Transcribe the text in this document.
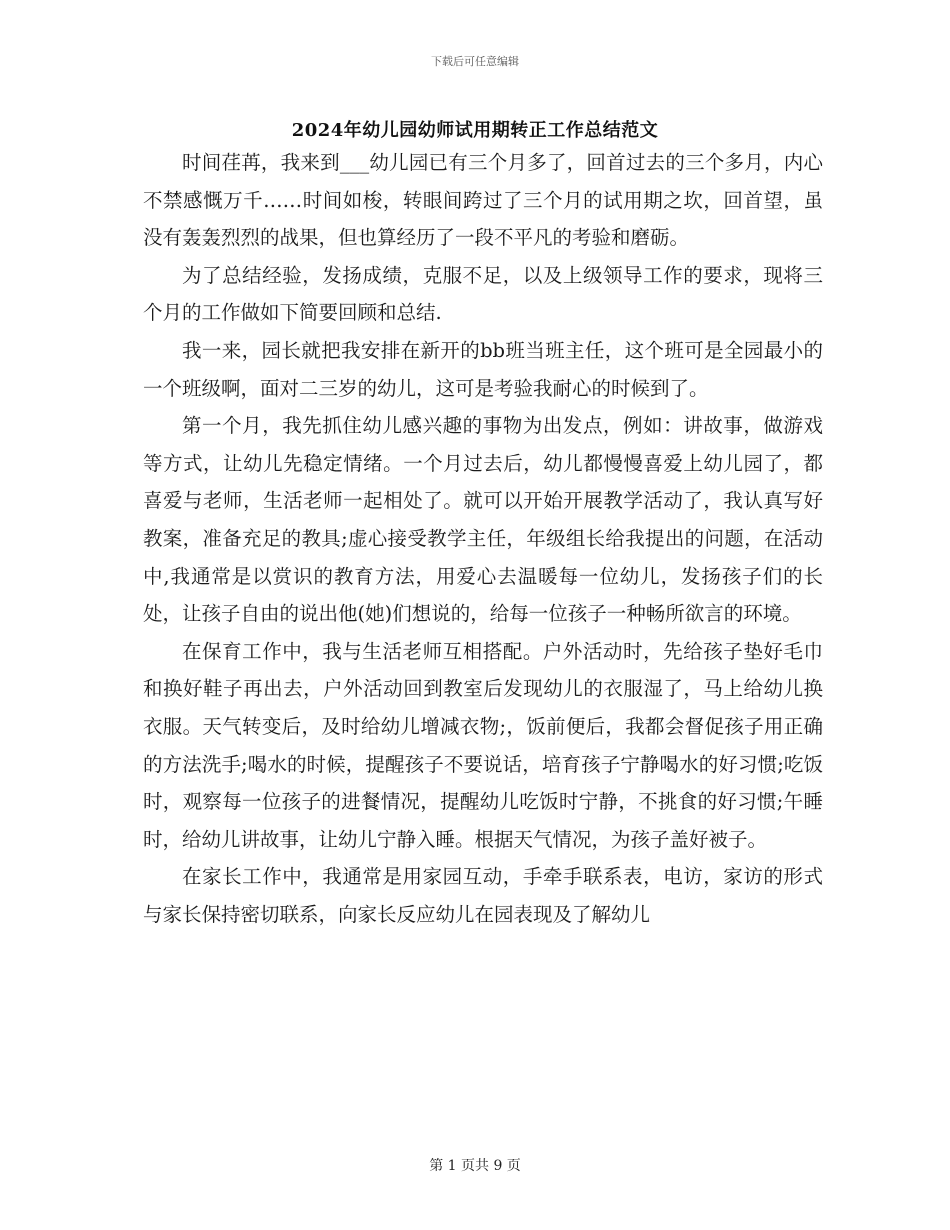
下载后可任意编辑
2024年幼儿园幼师试用期转正工作总结范文

时间荏苒，我来到___幼儿园已有三个月多了，回首过去的三个多月，内心不禁感慨万千……时间如梭，转眼间跨过了三个月的试用期之坎，回首望，虽没有轰轰烈烈的战果，但也算经历了一段不平凡的考验和磨砺。

为了总结经验，发扬成绩，克服不足，以及上级领导工作的要求，现将三个月的工作做如下简要回顾和总结.

我一来，园长就把我安排在新开的bb班当班主任，这个班可是全园最小的一个班级啊，面对二三岁的幼儿，这可是考验我耐心的时候到了。

第一个月，我先抓住幼儿感兴趣的事物为出发点，例如：讲故事，做游戏等方式，让幼儿先稳定情绪。一个月过去后，幼儿都慢慢喜爱上幼儿园了，都喜爱与老师，生活老师一起相处了。就可以开始开展教学活动了，我认真写好教案，准备充足的教具;虚心接受教学主任，年级组长给我提出的问题，在活动中,我通常是以赏识的教育方法，用爱心去温暖每一位幼儿，发扬孩子们的长处，让孩子自由的说出他(她)们想说的，给每一位孩子一种畅所欲言的环境。

在保育工作中，我与生活老师互相搭配。户外活动时，先给孩子垫好毛巾和换好鞋子再出去，户外活动回到教室后发现幼儿的衣服湿了，马上给幼儿换衣服。天气转变后，及时给幼儿增减衣物;，饭前便后，我都会督促孩子用正确的方法洗手;喝水的时候，提醒孩子不要说话，培育孩子宁静喝水的好习惯;吃饭时，观察每一位孩子的进餐情况，提醒幼儿吃饭时宁静，不挑食的好习惯;午睡时，给幼儿讲故事，让幼儿宁静入睡。根据天气情况，为孩子盖好被子。

在家长工作中，我通常是用家园互动，手牵手联系表，电访，家访的形式与家长保持密切联系，向家长反应幼儿在园表现及了解幼儿

第 1 页共 9 页
